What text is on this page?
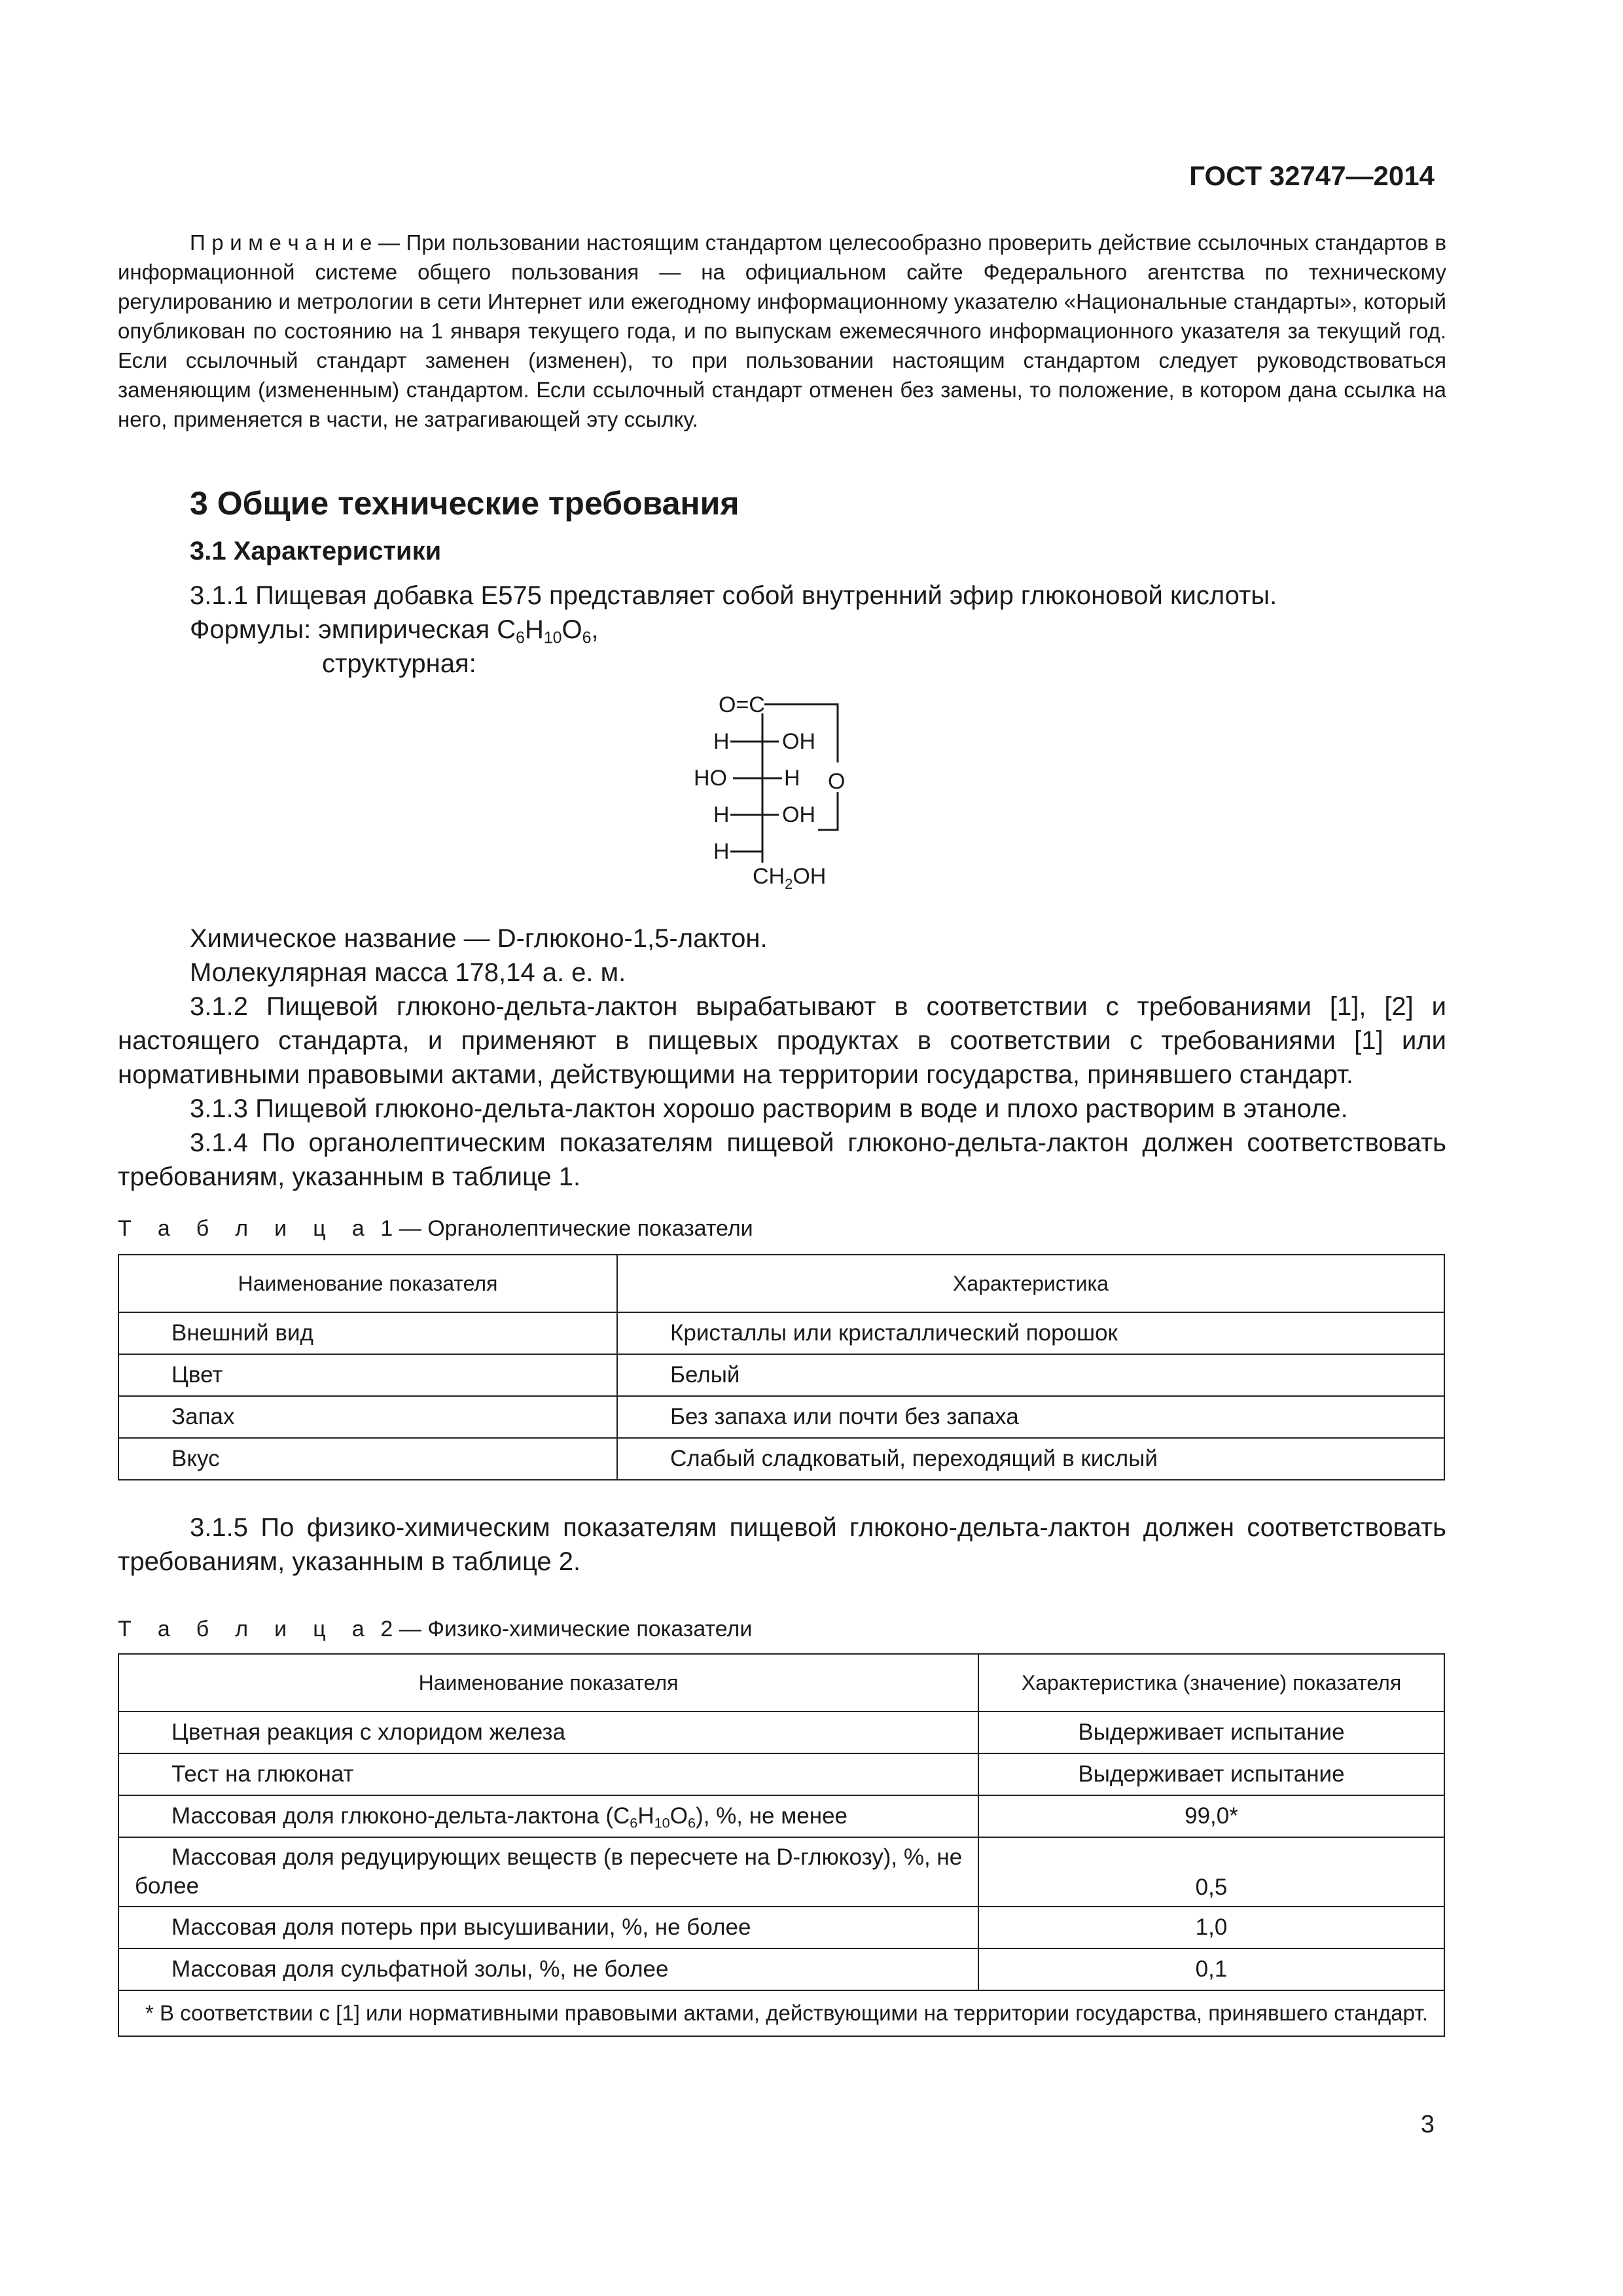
ГОСТ 32747—2014
П р и м е ч а н и е — При пользовании настоящим стандартом целесообразно проверить действие ссылочных стандартов в информационной системе общего пользования — на официальном сайте Федерального агентства по техническому регулированию и метрологии в сети Интернет или ежегодному информационному указателю «Национальные стандарты», который опубликован по состоянию на 1 января текущего года, и по выпускам ежемесячного информационного указателя за текущий год. Если ссылочный стандарт заменен (изменен), то при пользовании настоящим стандартом следует руководствоваться заменяющим (измененным) стандартом. Если ссылочный стандарт отменен без замены, то положение, в котором дана ссылка на него, применяется в части, не затрагивающей эту ссылку.
3 Общие технические требования
3.1 Характеристики
3.1.1 Пищевая добавка Е575 представляет собой внутренний эфир глюконовой кислоты.
Формулы: эмпирическая $C_6H_{10}O_6$,
структурная:
O=C
H OH
HO	H O
H OH
H
$CH_2OH$
Химическое название — D-глюконо-1,5-лактон.
Молекулярная масса 178,14 а. е. м.
3.1.2 Пищевой глюконо-дельта-лактон вырабатывают в соответствии с требованиями [1], [2] и настоящего стандарта, и применяют в пищевых продуктах в соответствии с требованиями [1] или нормативными правовыми актами, действующими на территории государства, принявшего стандарт.
3.1.3 Пищевой глюконо-дельта-лактон хорошо растворим в воде и плохо растворим в этаноле.
3.1.4 По органолептическим показателям пищевой глюконо-дельта-лактон должен соответствовать требованиям, указанным в таблице 1.
Т а б л и ц а 1 — Органолептические показатели
Наименование показателя	Характеристика
Внешний вид	Кристаллы или кристаллический порошок
Цвет	Белый
Запах	Без запаха или почти без запаха
Вкус	Слабый сладковатый, переходящий в кислый
3.1.5 По физико-химическим показателям пищевой глюконо-дельта-лактон должен соответствовать требованиям, указанным в таблице 2.
Т а б л и ц а 2 — Физико-химические показатели
Наименование показателя	Характеристика (значение) показателя
Цветная реакция с хлоридом железа	Выдерживает испытание
Тест на глюконат	Выдерживает испытание
Массовая доля глюконо-дельта-лактона $(C_6H_{10}O_6)$, %, не менее	99,0*
Массовая доля редуцирующих веществ (в пересчете на D-глюкозу), %, не более	0,5
Массовая доля потерь при высушивании, %, не более	1,0
Массовая доля сульфатной золы, %, не более	0,1
* В соответствии с [1] или нормативными правовыми актами, действующими на территории государства, принявшего стандарт.	
3
